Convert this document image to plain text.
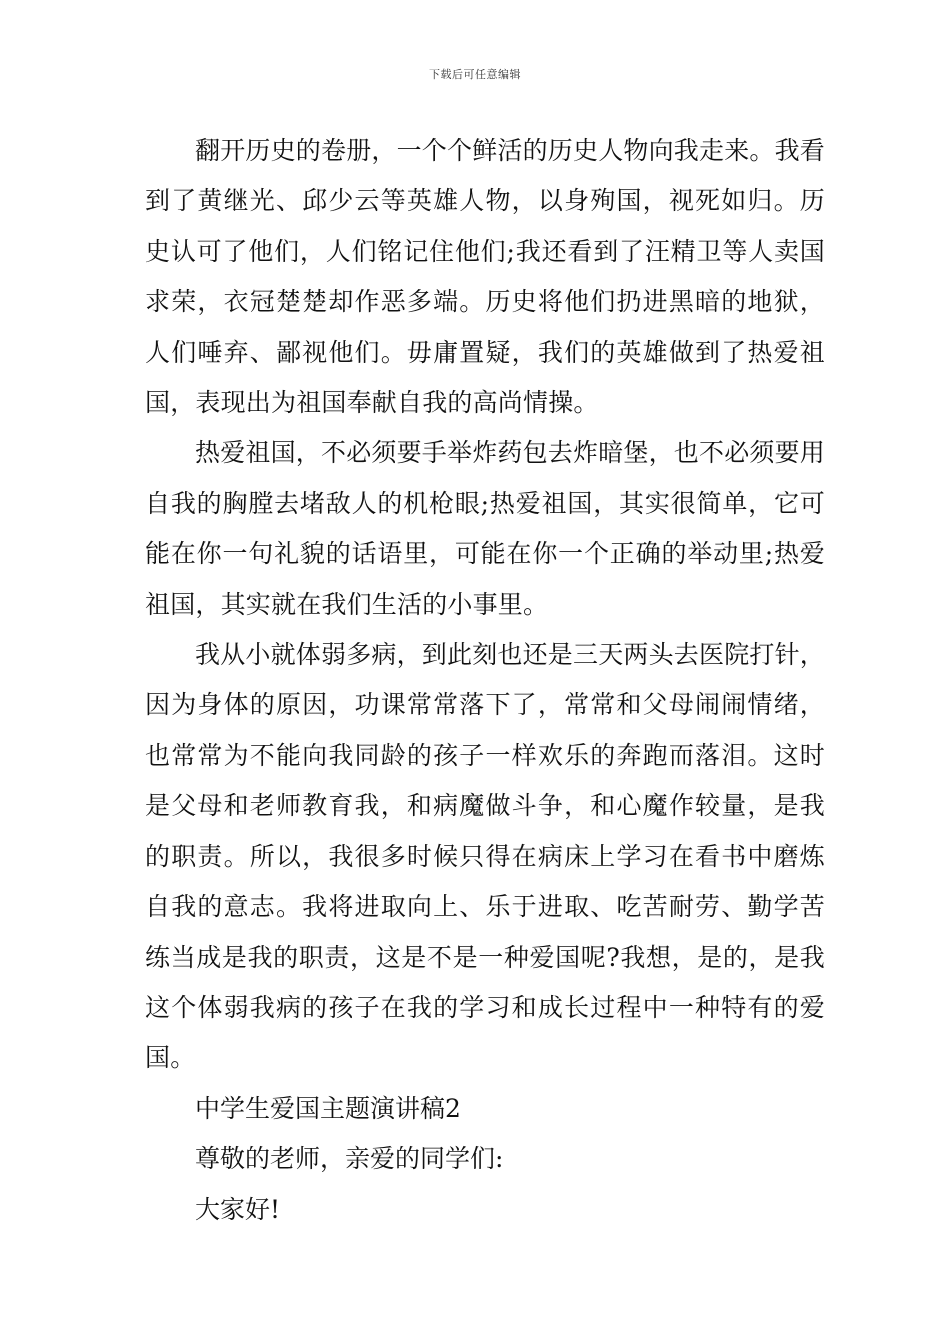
下载后可任意编辑

翻开历史的卷册，一个个鲜活的历史人物向我走来。我看到了黄继光、邱少云等英雄人物，以身殉国，视死如归。历史认可了他们，人们铭记住他们;我还看到了汪精卫等人卖国求荣，衣冠楚楚却作恶多端。历史将他们扔进黑暗的地狱，人们唾弃、鄙视他们。毋庸置疑，我们的英雄做到了热爱祖国，表现出为祖国奉献自我的高尚情操。

热爱祖国，不必须要手举炸药包去炸暗堡，也不必须要用自我的胸膛去堵敌人的机枪眼;热爱祖国，其实很简单，它可能在你一句礼貌的话语里，可能在你一个正确的举动里;热爱祖国，其实就在我们生活的小事里。

我从小就体弱多病，到此刻也还是三天两头去医院打针，因为身体的原因，功课常常落下了，常常和父母闹闹情绪，也常常为不能向我同龄的孩子一样欢乐的奔跑而落泪。这时是父母和老师教育我，和病魔做斗争，和心魔作较量，是我的职责。所以，我很多时候只得在病床上学习在看书中磨炼自我的意志。我将进取向上、乐于进取、吃苦耐劳、勤学苦练当成是我的职责，这是不是一种爱国呢?我想，是的，是我这个体弱我病的孩子在我的学习和成长过程中一种特有的爱国。

中学生爱国主题演讲稿2

尊敬的老师，亲爱的同学们:

大家好!
